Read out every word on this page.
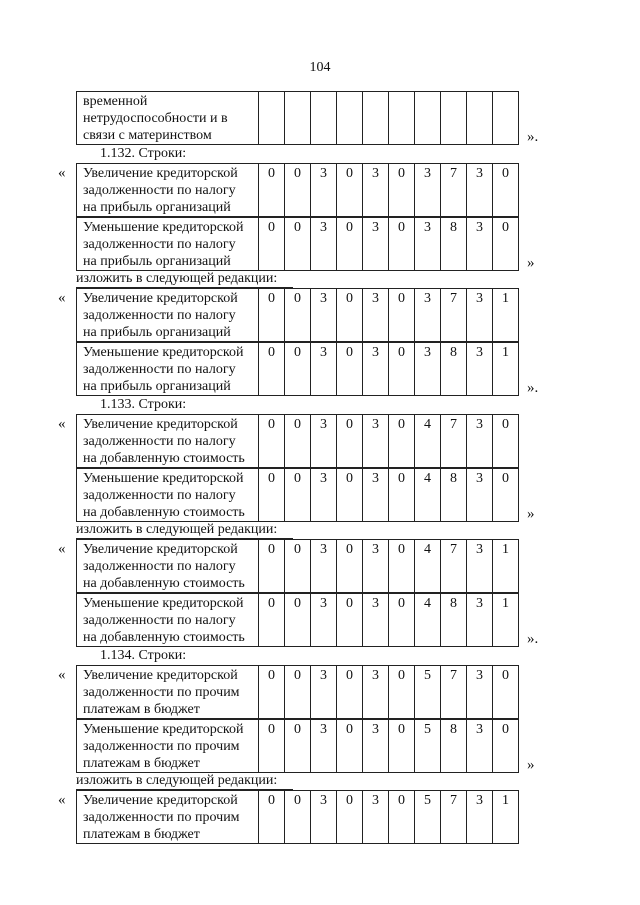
104
временной
нетрудоспособности и в
связи с материнством	».
1.132. Строки:
Увеличение кредиторской
задолженности по налогу
на прибыль организаций
0	0	3	0	3	0	3	7	3	0
«
Уменьшение кредиторской
задолженности по налогу
на прибыль организаций
0	0	3	0	3	0	3	8	3	0
»
изложить в следующей редакции:
Увеличение кредиторской
задолженности по налогу
на прибыль организаций
0	0	3	0	3	0	3	7	3	1
«
Уменьшение кредиторской
задолженности по налогу
на прибыль организаций
0	0	3	0	3	0	3	8	3	1
».
1.133. Строки:
Увеличение кредиторской
задолженности по налогу
на добавленную стоимость
0	0	3	0	3	0	4	7	3	0
«
Уменьшение кредиторской
задолженности по налогу
на добавленную стоимость
0	0	3	0	3	0	4	8	3	0
»
изложить в следующей редакции:
Увеличение кредиторской
задолженности по налогу
на добавленную стоимость
0	0	3	0	3	0	4	7	3	1
«
Уменьшение кредиторской
задолженности по налогу
на добавленную стоимость
0	0	3	0	3	0	4	8	3	1
».
1.134. Строки:
Увеличение кредиторской
задолженности по прочим
платежам в бюджет
0	0	3	0	3	0	5	7	3	0
«
Уменьшение кредиторской
задолженности по прочим
платежам в бюджет
0	0	3	0	3	0	5	8	3	0
»
изложить в следующей редакции:
Увеличение кредиторской
задолженности по прочим
платежам в бюджет
0	0	3	0	3	0	5	7	3	1
«
